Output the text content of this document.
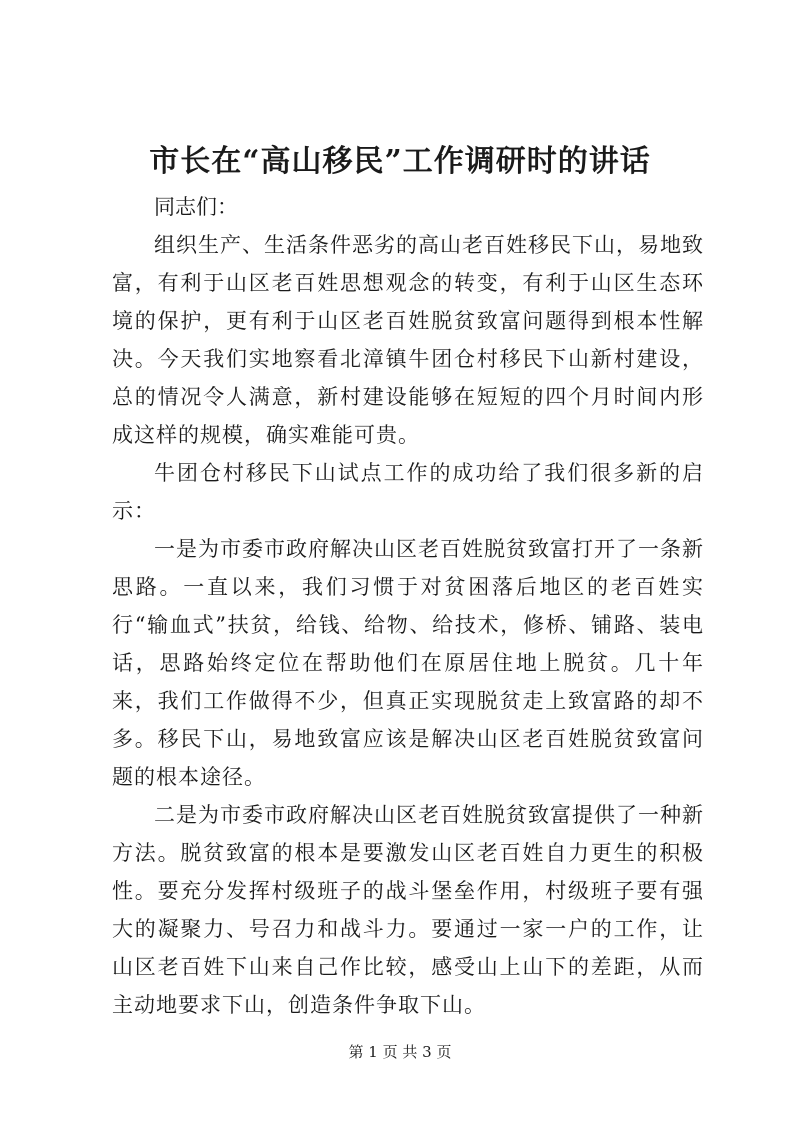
市长在“高山移民”工作调研时的讲话

同志们：

组织生产、生活条件恶劣的高山老百姓移民下山，易地致富，有利于山区老百姓思想观念的转变，有利于山区生态环境的保护，更有利于山区老百姓脱贫致富问题得到根本性解决。今天我们实地察看北漳镇牛团仓村移民下山新村建设，总的情况令人满意，新村建设能够在短短的四个月时间内形成这样的规模，确实难能可贵。

牛团仓村移民下山试点工作的成功给了我们很多新的启示：

一是为市委市政府解决山区老百姓脱贫致富打开了一条新思路。一直以来，我们习惯于对贫困落后地区的老百姓实行“输血式”扶贫，给钱、给物、给技术，修桥、铺路、装电话，思路始终定位在帮助他们在原居住地上脱贫。几十年来，我们工作做得不少，但真正实现脱贫走上致富路的却不多。移民下山，易地致富应该是解决山区老百姓脱贫致富问题的根本途径。

二是为市委市政府解决山区老百姓脱贫致富提供了一种新方法。脱贫致富的根本是要激发山区老百姓自力更生的积极性。要充分发挥村级班子的战斗堡垒作用，村级班子要有强大的凝聚力、号召力和战斗力。要通过一家一户的工作，让山区老百姓下山来自己作比较，感受山上山下的差距，从而主动地要求下山，创造条件争取下山。

第 1 页 共 3 页
